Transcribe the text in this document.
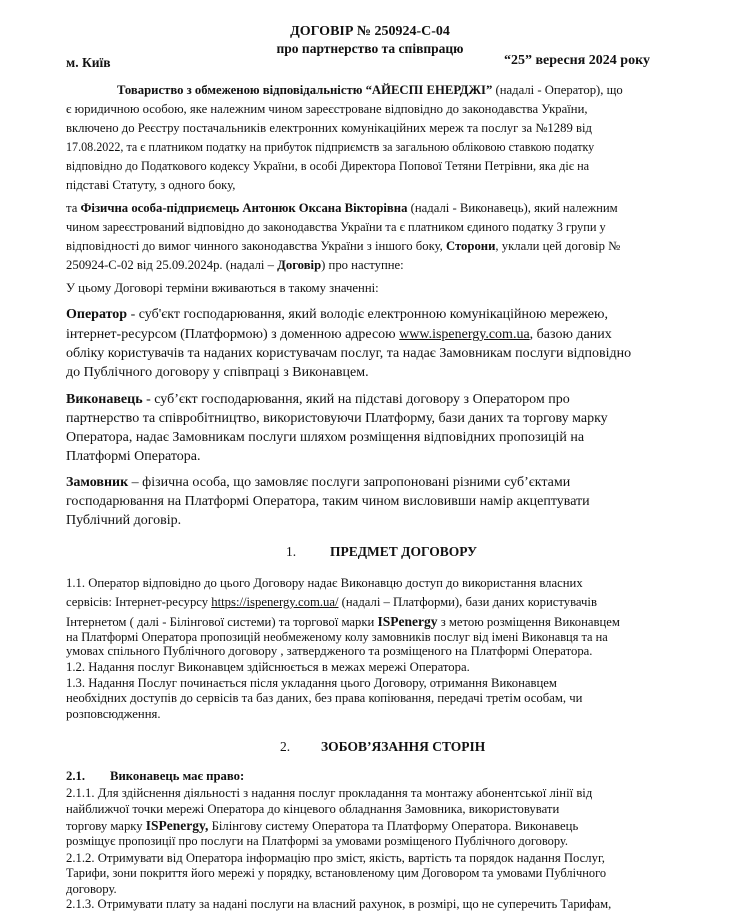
ДОГОВІР № 250924-С-04
про партнерство та співпрацю
м. Київ	“25” вересня 2024 року
Товариство з обмеженою відповідальністю “АЙЕСПІ ЕНЕРДЖІ” (надалі - Оператор), що
є юридичною особою, яке належним чином зареєстроване відповідно до законодавства України,
включено до Реєстру постачальників електронних комунікаційних мереж та послуг за №1289 від
17.08.2022, та є платником податку на прибуток підприємств за загальною обліковою ставкою податку
відповідно до Податкового кодексу України, в особі Директора Попової Тетяни Петрівни, яка діє на
підставі Статуту, з одного боку,
та Фізична особа-підприємець Антонюк Оксана Вікторівна (надалі - Виконавець), який належним
чином зареєстрований відповідно до законодавства України та є платником єдиного податку 3 групи у
відповідності до вимог чинного законодавства України з іншого боку, Сторони, уклали цей договір №
250924-С-02 від 25.09.2024р. (надалі – Договір) про наступне:
У цьому Договорі терміни вживаються в такому значенні:
Оператор - суб'єкт господарювання, який володіє електронною комунікаційною мережею,
інтернет-ресурсом (Платформою) з доменною адресою www.ispenergy.com.ua, базою даних
обліку користувачів та наданих користувачам послуг, та надає Замовникам послуги відповідно
до Публічного договору у співпраці з Виконавцем.
Виконавець - суб’єкт господарювання, який на підставі договору з Оператором про
партнерство та співробітництво, використовуючи Платформу, бази даних та торгову марку
Оператора, надає Замовникам послуги шляхом розміщення відповідних пропозицій на
Платформі Оператора.
Замовник – фізична особа, що замовляє послуги запропоновані різними суб’єктами
господарювання на Платформі Оператора, таким чином висловивши намір акцептувати
Публічний договір.
1.	ПРЕДМЕТ ДОГОВОРУ
1.1. Оператор відповідно до цього Договору надає Виконавцю доступ до використання власних
сервісів: Інтернет-ресурсу https://ispenergy.com.ua/ (надалі – Платформи), бази даних користувачів
Інтернетом ( далі - Білінгової системи) та торгової марки ISPenergy з метою розміщення Виконавцем
на Платформі Оператора пропозицій необмеженому колу замовників послуг від імені Виконавця та на
умовах спільного Публічного договору , затвердженого та розміщеного на Платформі Оператора.
1.2. Надання послуг Виконавцем здійснюється в межах мережі Оператора.
1.3. Надання Послуг починається після укладання цього Договору, отримання Виконавцем
необхідних доступів до сервісів та баз даних, без права копіювання, передачі третім особам, чи
розповсюдження.
2. ЗОБОВ’ЯЗАННЯ СТОРІН
2.1. Виконавець має право:
2.1.1. Для здійснення діяльності з надання послуг прокладання та монтажу абонентської лінії від
найближчої точки мережі Оператора до кінцевого обладнання Замовника, використовувати
торгову марку ISPenergy, Білінгову систему Оператора та Платформу Оператора. Виконавець
розміщує пропозиції про послуги на Платформі за умовами розміщеного Публічного договору.
2.1.2. Отримувати від Оператора інформацію про зміст, якість, вартість та порядок надання Послуг,
Тарифи, зони покриття його мережі у порядку, встановленому цим Договором та умовами Публічного
договору.
2.1.3. Отримувати плату за надані послуги на власний рахунок, в розмірі, що не суперечить Тарифам,
